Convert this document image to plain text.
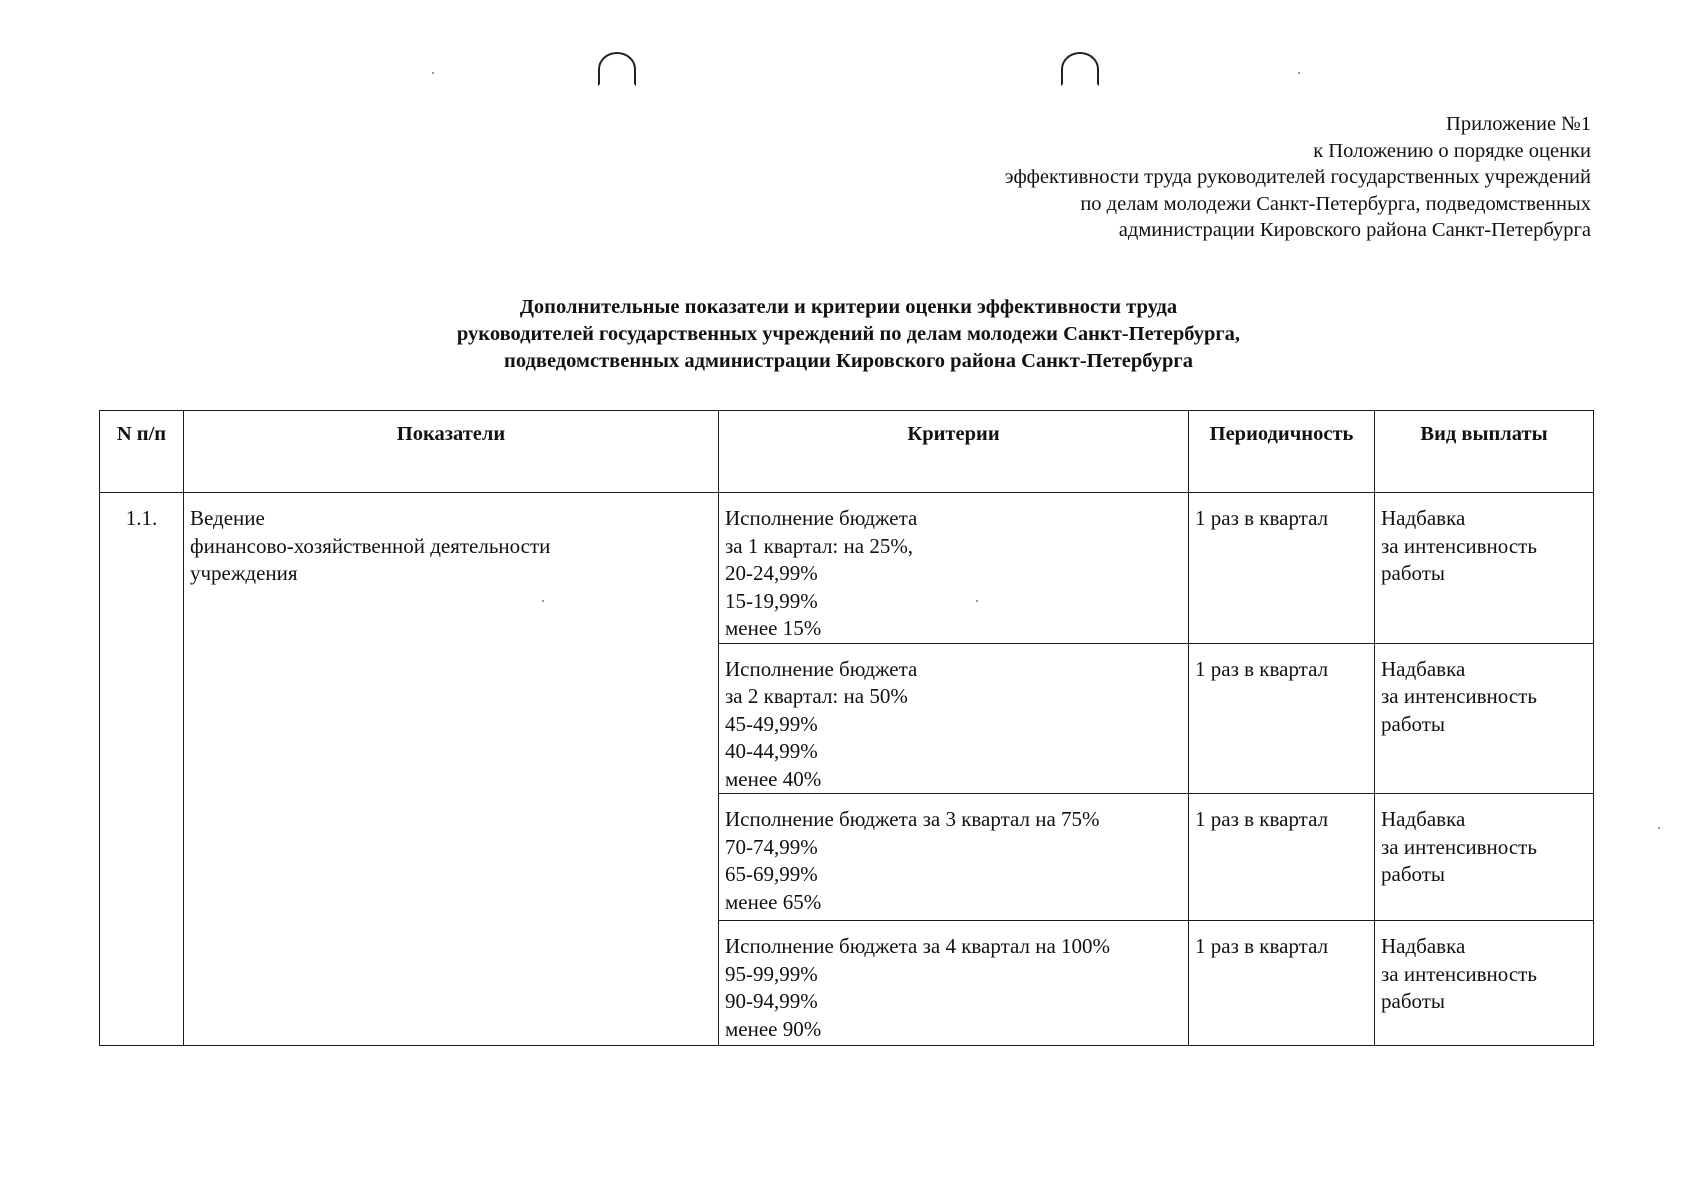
Приложение №1
к Положению о порядке оценки
эффективности труда руководителей государственных учреждений
по делам молодежи Санкт-Петербурга, подведомственных
администрации Кировского района Санкт-Петербурга
Дополнительные показатели и критерии оценки эффективности труда
руководителей государственных учреждений по делам молодежи Санкт-Петербурга,
подведомственных администрации Кировского района Санкт-Петербурга
N п/п	Показатели	Критерии	Периодичность	Вид выплаты
1.1.	Ведение
финансово-хозяйственной деятельности
учреждения	Исполнение бюджета
за 1 квартал: на 25%,
20-24,99%
15-19,99%
менее 15%	1 раз в квартал	Надбавка
за интенсивность
работы

		Исполнение бюджета
за 2 квартал: на 50%
45-49,99%
40-44,99%
менее 40%	1 раз в квартал	Надбавка
за интенсивность
работы

		Исполнение бюджета за 3 квартал на 75%
70-74,99%
65-69,99%
менее 65%	1 раз в квартал	Надбавка
за интенсивность
работы

		Исполнение бюджета за 4 квартал на 100%
95-99,99%
90-94,99%
менее 90%	1 раз в квартал	Надбавка
за интенсивность
работы
